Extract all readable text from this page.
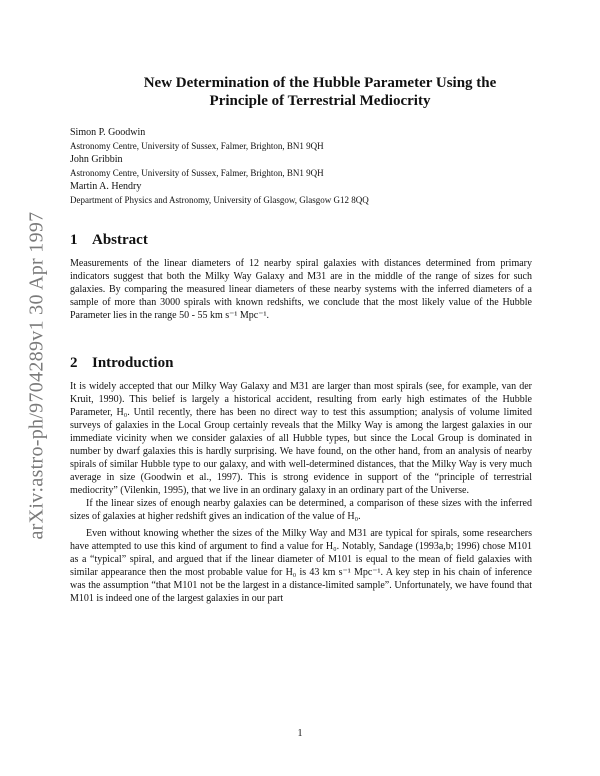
arXiv:astro-ph/9704289v1 30 Apr 1997
New Determination of the Hubble Parameter Using the
Principle of Terrestrial Mediocrity
Simon P. Goodwin
Astronomy Centre, University of Sussex, Falmer, Brighton, BN1 9QH
John Gribbin
Astronomy Centre, University of Sussex, Falmer, Brighton, BN1 9QH
Martin A. Hendry
Department of Physics and Astronomy, University of Glasgow, Glasgow G12 8QQ
1 Abstract

Measurements of the linear diameters of 12 nearby spiral galaxies with distances determined from primary indicators suggest that both the Milky Way Galaxy and M31 are in the middle of the range of sizes for such galaxies. By comparing the measured linear diameters of these nearby systems with the inferred diameters of a sample of more than 3000 spirals with known redshifts, we conclude that the most likely value of the Hubble Parameter lies in the range 50 - 55 km s⁻¹ Mpc⁻¹.

2 Introduction

It is widely accepted that our Milky Way Galaxy and M31 are larger than most spirals (see, for example, van der Kruit, 1990). This belief is largely a historical accident, resulting from early high estimates of the Hubble Parameter, H₀. Until recently, there has been no direct way to test this assumption; analysis of volume limited surveys of galaxies in the Local Group certainly reveals that the Milky Way is among the largest galaxies in our immediate vicinity when we consider galaxies of all Hubble types, but since the Local Group is dominated in number by dwarf galaxies this is hardly surprising. We have found, on the other hand, from an analysis of nearby spirals of similar Hubble type to our galaxy, and with well-determined distances, that the Milky Way is very much average in size (Goodwin et al., 1997). This is strong evidence in support of the “principle of terrestrial mediocrity” (Vilenkin, 1995), that we live in an ordinary galaxy in an ordinary part of the Universe.

If the linear sizes of enough nearby galaxies can be determined, a comparison of these sizes with the inferred sizes of galaxies at higher redshift gives an indication of the value of H₀.

Even without knowing whether the sizes of the Milky Way and M31 are typical for spirals, some researchers have attempted to use this kind of argument to find a value for H₀. Notably, Sandage (1993a,b; 1996) chose M101 as a “typical” spiral, and argued that if the linear diameter of M101 is equal to the mean of field galaxies with similar appearance then the most probable value for H₀ is 43 km s⁻¹ Mpc⁻¹. A key step in his chain of inference was the assumption “that M101 not be the largest in a distance-limited sample”. Unfortunately, we have found that M101 is indeed one of the largest galaxies in our part

1
